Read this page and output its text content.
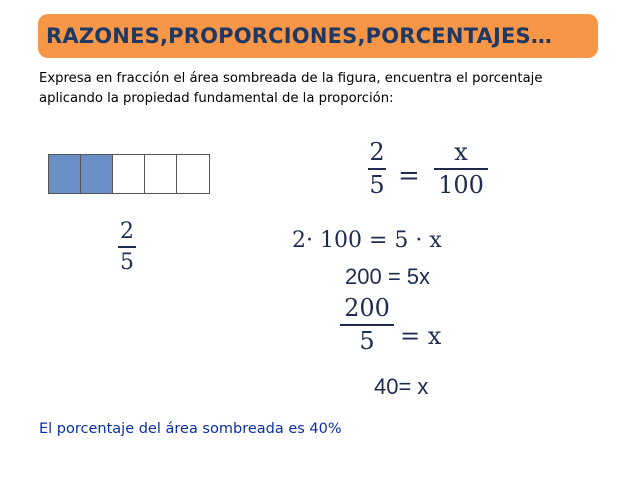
RAZONES,PROPORCIONES,PORCENTAJES…
Expresa en fracción el área sombreada de la figura, encuentra el porcentaje
aplicando la propiedad fundamental de la proporción:
2
5
2
5 =
x
100
2· 100 = 5 · x
200 = 5x
200
5 = x
40= x
El porcentaje del área sombreada es 40%
